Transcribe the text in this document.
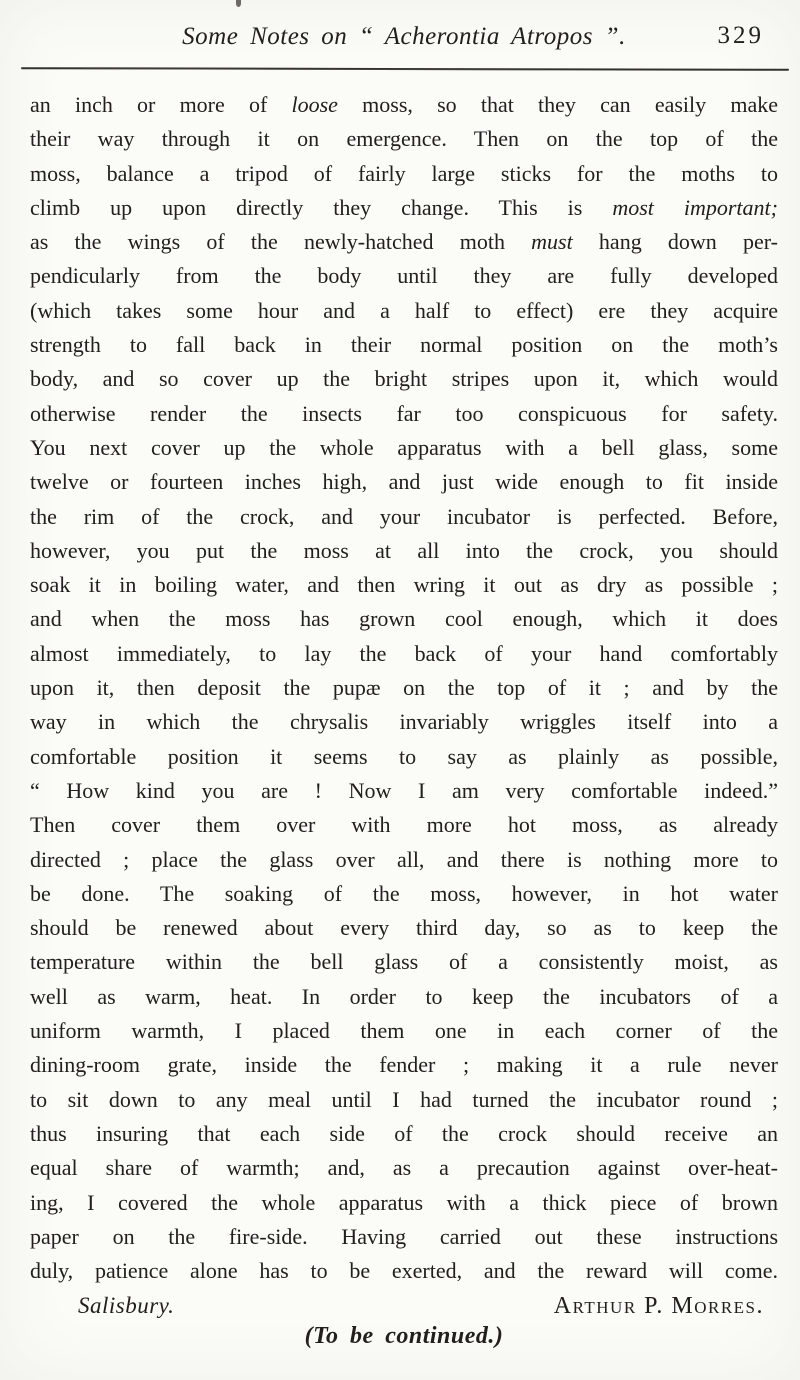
Some Notes on “ Acherontia Atropos ”.	329
an inch or more of loose moss, so that they can easily make
their way through it on emergence. Then on the top of the
moss, balance a tripod of fairly large sticks for the moths to
climb up upon directly they change. This is most important;
as the wings of the newly-hatched moth must hang down per-
pendicularly from the body until they are fully developed
(which takes some hour and a half to effect) ere they acquire
strength to fall back in their normal position on the moth’s
body, and so cover up the bright stripes upon it, which would
otherwise render the insects far too conspicuous for safety.
You next cover up the whole apparatus with a bell glass, some
twelve or fourteen inches high, and just wide enough to fit inside
the rim of the crock, and your incubator is perfected. Before,
however, you put the moss at all into the crock, you should
soak it in boiling water, and then wring it out as dry as possible ;
and when the moss has grown cool enough, which it does
almost immediately, to lay the back of your hand comfortably
upon it, then deposit the pupæ on the top of it ; and by the
way in which the chrysalis invariably wriggles itself into a
comfortable position it seems to say as plainly as possible,
“ How kind you are ! Now I am very comfortable indeed.”
Then cover them over with more hot moss, as already
directed ; place the glass over all, and there is nothing more to
be done. The soaking of the moss, however, in hot water
should be renewed about every third day, so as to keep the
temperature within the bell glass of a consistently moist, as
well as warm, heat. In order to keep the incubators of a
uniform warmth, I placed them one in each corner of the
dining-room grate, inside the fender ; making it a rule never
to sit down to any meal until I had turned the incubator round ;
thus insuring that each side of the crock should receive an
equal share of warmth; and, as a precaution against over-heat-
ing, I covered the whole apparatus with a thick piece of brown
paper on the fire-side. Having carried out these instructions
duly, patience alone has to be exerted, and the reward will come.
Salisbury.	Arthur P. Morres.
(To be continued.)
